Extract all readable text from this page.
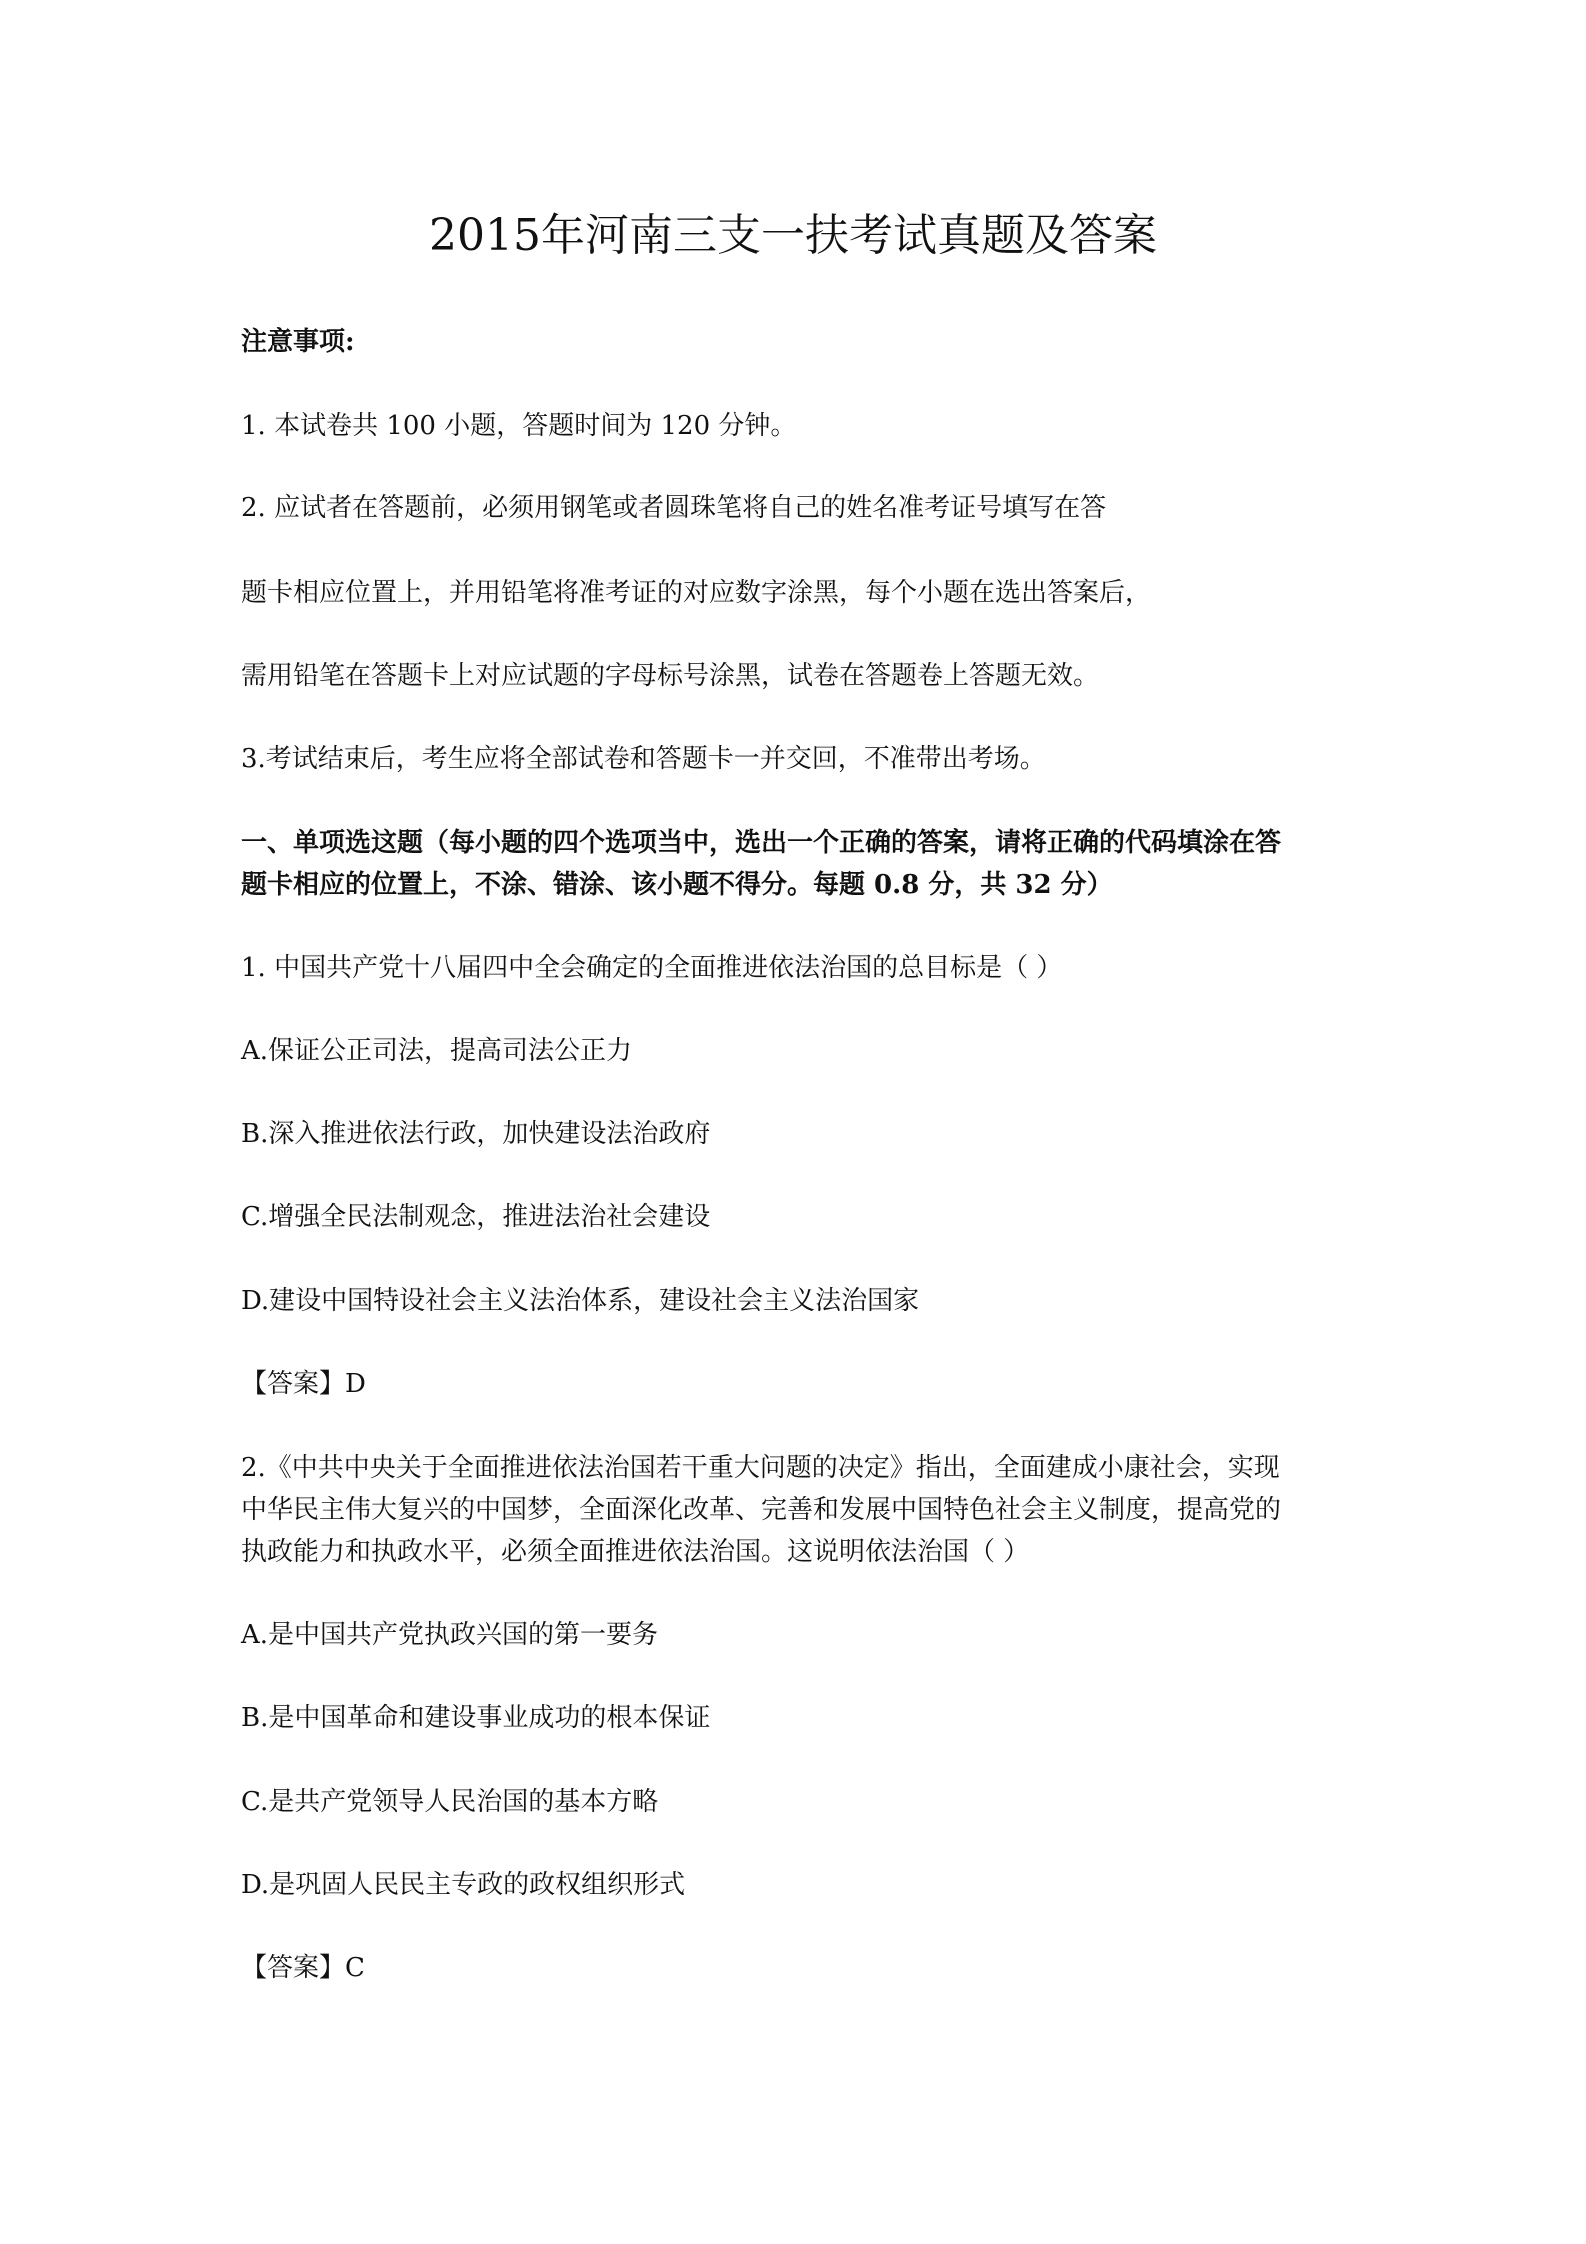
2015年河南三支一扶考试真题及答案
注意事项:
1. 本试卷共 100 小题，答题时间为 120 分钟。
2. 应试者在答题前，必须用钢笔或者圆珠笔将自己的姓名准考证号填写在答
题卡相应位置上，并用铅笔将准考证的对应数字涂黑，每个小题在选出答案后，
需用铅笔在答题卡上对应试题的字母标号涂黑，试卷在答题卷上答题无效。
3.考试结束后，考生应将全部试卷和答题卡一并交回，不准带出考场。
一、单项选这题（每小题的四个选项当中，选出一个正确的答案，请将正确的代码填涂在答
题卡相应的位置上，不涂、错涂、该小题不得分。每题 0.8 分，共 32 分）
1. 中国共产党十八届四中全会确定的全面推进依法治国的总目标是（ ）
A.保证公正司法，提高司法公正力
B.深入推进依法行政，加快建设法治政府
C.增强全民法制观念，推进法治社会建设
D.建设中国特设社会主义法治体系，建设社会主义法治国家
【答案】D
2.《中共中央关于全面推进依法治国若干重大问题的决定》指出，全面建成小康社会，实现
中华民主伟大复兴的中国梦，全面深化改革、完善和发展中国特色社会主义制度，提高党的
执政能力和执政水平，必须全面推进依法治国。这说明依法治国（ ）
A.是中国共产党执政兴国的第一要务
B.是中国革命和建设事业成功的根本保证
C.是共产党领导人民治国的基本方略
D.是巩固人民民主专政的政权组织形式
【答案】C
